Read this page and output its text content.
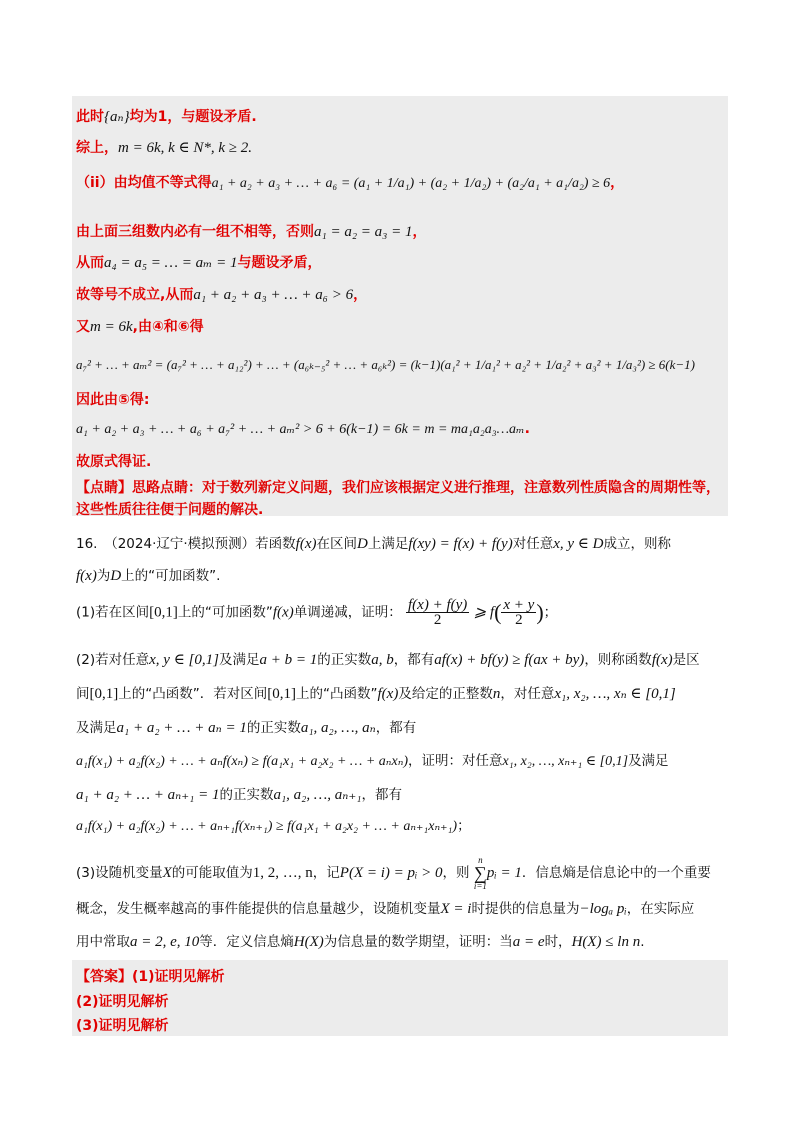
此时{aₙ}均为1，与题设矛盾.
综上，m = 6k, k ∈ N*, k ≥ 2.
（ii）由均值不等式得a₁ + a₂ + a₃ + … + a₆ = (a₁ + 1/a₁) + (a₂ + 1/a₂) + (a₂/a₁ + a₁/a₂) ≥ 6，
由上面三组数内必有一组不相等，否则a₁ = a₂ = a₃ = 1，
从而a₄ = a₅ = … = aₘ = 1与题设矛盾，
故等号不成立,从而a₁ + a₂ + a₃ + … + a₆ > 6，
又m = 6k,由④和⑥得
a₇² + … + aₘ² = (a₇² + … + a₁₂²) + … + (a₆ₖ₋₅² + … + a₆ₖ²) = (k−1)(a₁² + 1/a₁² + a₂² + 1/a₂² + a₃² + 1/a₃²) ≥ 6(k−1)
因此由⑤得:
a₁ + a₂ + a₃ + … + a₆ + a₇² + … + aₘ² > 6 + 6(k−1) = 6k = m = ma₁a₂a₃…aₘ.
故原式得证.
【点睛】思路点睛：对于数列新定义问题，我们应该根据定义进行推理，注意数列性质隐含的周期性等，
这些性质往往便于问题的解决.
16.　（2024·辽宁·模拟预测）若函数f(x)在区间D上满足f(xy) = f(x) + f(y)对任意x, y ∈ D成立，则称
f(x)为D上的“可加函数”.
(1)若在区间[0,1]上的“可加函数”f(x)单调递减，证明： $\frac{f(x) + f(y)}{2}$ ⩾ $f( \frac{x + y}{2}$ )；
(2)若对任意x, y ∈ [0,1]及满足a + b = 1的正实数a, b，都有af(x) + bf(y) ≥ f(ax + by)，则称函数f(x)是区
间[0,1]上的“凸函数”．若对区间[0,1]上的“凸函数”f(x)及给定的正整数n，对任意x₁, x₂, …, xₙ ∈ [0,1]
及满足a₁ + a₂ + … + aₙ = 1的正实数a₁, a₂, …, aₙ，都有
a₁f(x₁) + a₂f(x₂) + … + aₙf(xₙ) ≥ f(a₁x₁ + a₂x₂ + … + aₙxₙ)，证明：对任意x₁, x₂, …, xₙ₊₁ ∈ [0,1]及满足
a₁ + a₂ + … + aₙ₊₁ = 1的正实数a₁, a₂, …, aₙ₊₁，都有
a₁f(x₁) + a₂f(x₂) + … + aₙ₊₁f(xₙ₊₁) ≥ f(a₁x₁ + a₂x₂ + … + aₙ₊₁xₙ₊₁)；
(3)设随机变量X的可能取值为1, 2, …, n，记P(X = i) = pᵢ > 0，则
n
∑
i=1
pᵢ = 1．信息熵是信息论中的一个重要
概念，发生概率越高的事件能提供的信息量越少，设随机变量X = i时提供的信息量为−logₐ pᵢ，在实际应
用中常取a = 2, e, 10等．定义信息熵H(X)为信息量的数学期望，证明：当a = e时，H(X) ≤ ln n.
【答案】(1)证明见解析
(2)证明见解析
(3)证明见解析
